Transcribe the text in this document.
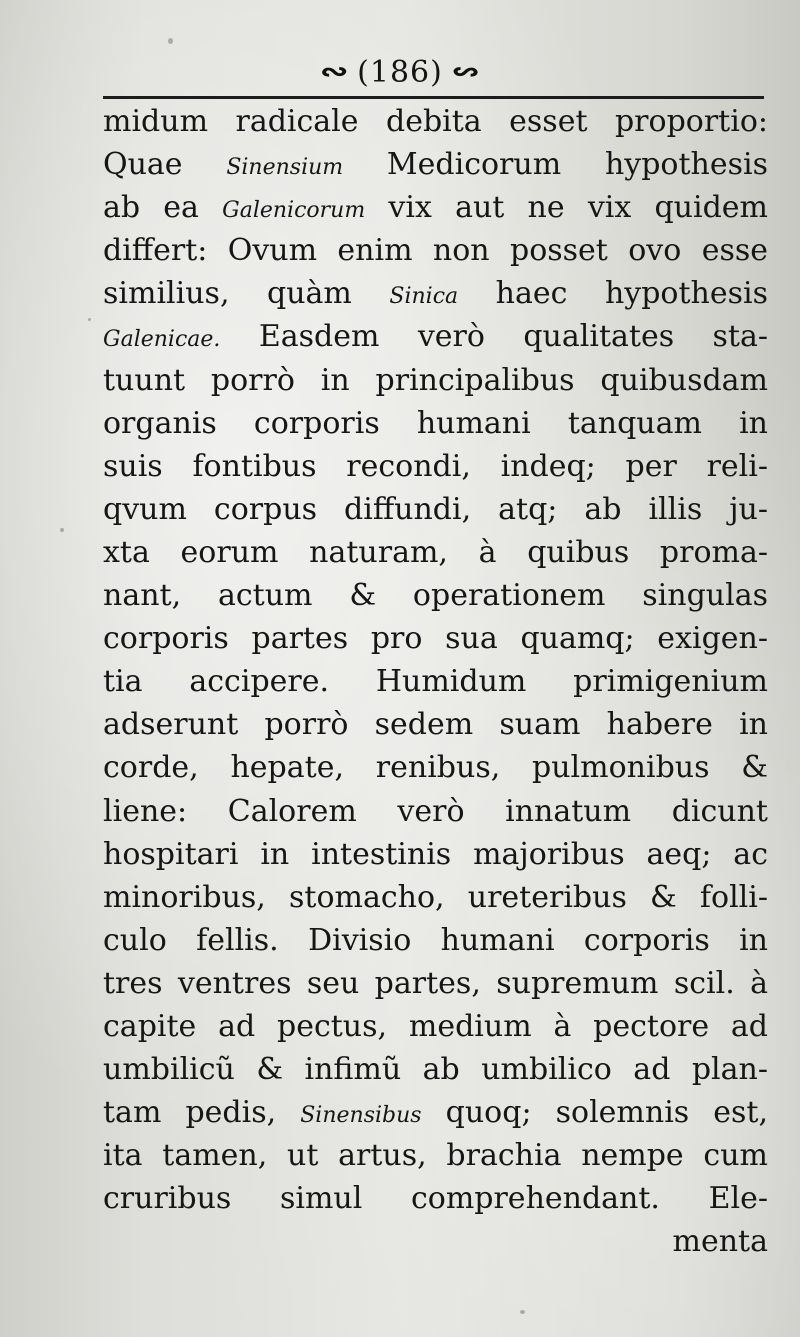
∾ (186) ∾
midum radicale debita esset proportio:
Quae Sinensium Medicorum hypothesis
ab ea Galenicorum vix aut ne vix quidem
differt: Ovum enim non posset ovo esse
similius, quàm Sinica haec hypothesis
Galenicae. Easdem verò qualitates sta-
tuunt porrò in principalibus quibusdam
organis corporis humani tanquam in
suis fontibus recondi, indeq; per reli-
qvum corpus diffundi, atq; ab illis ju-
xta eorum naturam, à quibus proma-
nant, actum & operationem singulas
corporis partes pro sua quamq; exigen-
tia accipere. Humidum primigenium
adserunt porrò sedem suam habere in
corde, hepate, renibus, pulmonibus &
liene: Calorem verò innatum dicunt
hospitari in intestinis majoribus aeq; ac
minoribus, stomacho, ureteribus & folli-
culo fellis. Divisio humani corporis in
tres ventres seu partes, supremum scil. à
capite ad pectus, medium à pectore ad
umbilicũ & infimũ ab umbilico ad plan-
tam pedis, Sinensibus quoq; solemnis est,
ita tamen, ut artus, brachia nempe cum
cruribus simul comprehendant. Ele-
menta
